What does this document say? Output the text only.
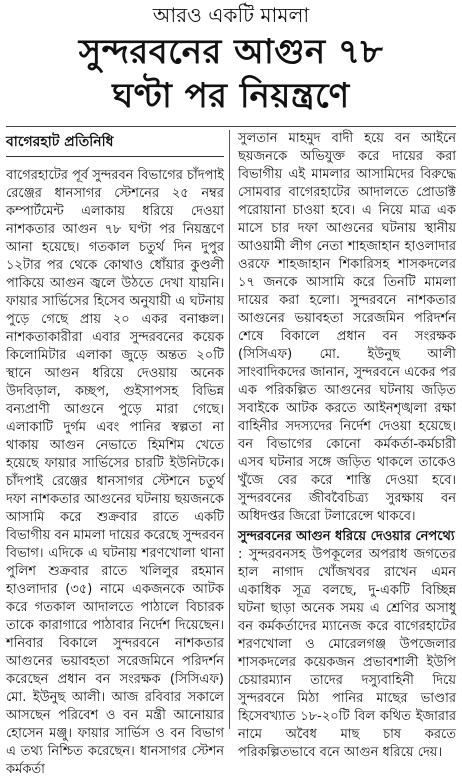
আরও একটি মামলা
সুন্দরবনের আগুন ৭৮
ঘণ্টা পর নিয়ন্ত্রণে
বাগেরহাট প্রতিনিধি

বাগেরহাটের পূর্ব সুন্দরবন বিভাগের চাঁদপাই রেঞ্জের ধানসাগর স্টেশনের ২৫ নম্বর কম্পার্টমেন্ট এলাকায় ধরিয়ে দেওয়া নাশকতার আগুন ৭৮ ঘণ্টা পর নিয়ন্ত্রণে আনা হয়েছে। গতকাল চতুর্থ দিন দুপুর ১২টার পর থেকে কোথাও ধোঁয়ার কুণ্ডলী পাকিয়ে আগুন জ্বলে উঠতে দেখা যায়নি। ফায়ার সার্ভিসের হিসেব অনুযায়ী এ ঘটনায় পুড়ে গেছে প্রায় ২০ একর বনাঞ্চল। নাশকতাকারীরা এবার সুন্দরবনের কয়েক কিলোমিটার এলাকা জুড়ে অন্তত ২০টি স্থানে আগুন ধরিয়ে দেওয়ায় অনেক উদবিড়াল, কচ্ছপ, গুইসাপসহ বিভিন্ন বন্যপ্রাণী আগুনে পুড়ে মারা গেছে। এলাকাটি দুর্গম এবং পানির স্বল্পতা না থাকায় আগুন নেভাতে হিমশিম খেতে হয়েছে ফায়ার সার্ভিসের চারটি ইউনিটকে। চাঁদপাই রেঞ্জের ধানসাগর স্টেশনে চতুর্থ দফা নাশকতার আগুনের ঘটনায় ছয়জনকে আসামি করে শুক্রবার রাতে একটি বিভাগীয় বন মামলা দায়ের করেছে সুন্দরবন বিভাগ। এদিকে এ ঘটনায় শরণখোলা থানা পুলিশ শুক্রবার রাতে খলিলুর রহমান হাওলাদার (৩৫) নামে একজনকে আটক করে গতকাল আদালতে পাঠালে বিচারক তাকে কারাগারে পাঠাবার নির্দেশ দিয়েছেন। শনিবার বিকালে সুন্দরবনে নাশকতার আগুনের ভয়াবহতা সরেজমিনে পরিদর্শন করেছেন প্রধান বন সংরক্ষক (সিসিএফ) মো. ইউনুছ আলী। আজ রবিবার সকালে আসছেন পরিবেশ ও বন মন্ত্রী আনোয়ার হোসেন মঞ্জু। ফায়ার সার্ভিস ও বন বিভাগ এ তথ্য নিশ্চিত করেছেন। ধানসাগর স্টেশন কর্মকর্তা

সুলতান মাহমুদ বাদী হয়ে বন আইনে ছয়জনকে অভিযুক্ত করে দায়ের করা বিভাগীয় এই মামলার আসামিদের বিরুদ্ধে সোমবার বাগেরহাটের আদালতে প্রোডাক্ট পরোয়ানা চাওয়া হবে। এ নিয়ে মাত্র এক মাসে চার দফা আগুনের ঘটনায় স্থানীয় আওয়ামী লীগ নেতা শাহজাহান হাওলাদার ওরফে শাহজাহান শিকারিসহ শাসকদলের ১৭ জনকে আসামি করে তিনটি মামলা দায়ের করা হলো। সুন্দরবনে নাশকতার আগুনের ভয়াবহতা সরেজমিন পরিদর্শন শেষে বিকালে প্রধান বন সংরক্ষক (সিসিএফ) মো. ইউনুছ আলী সাংবাদিকদের জানান, সুন্দরবনে একের পর এক পরিকল্পিত আগুনের ঘটনায় জড়িত সবাইকে আটক করতে আইনশৃঙ্খলা রক্ষা বাহিনীর সদস্যদের নির্দেশ দেওয়া হয়েছে। বন বিভাগের কোনো কর্মকর্তা-কর্মচারী এসব ঘটনার সঙ্গে জড়িত থাকলে তাকেও খুঁজে বের করে শাস্তি দেওয়া হবে। সুন্দরবনের জীববৈচিত্র্য সুরক্ষায় বন অধিদপ্তর জিরো টলারেন্সে থাকবে।

সুন্দরবনের আগুন ধরিয়ে দেওয়ার নেপথ্যে

: সুন্দরবনসহ উপকূলের অপরাধ জগতের হাল নাগাদ খোঁজখবর রাখেন এমন একাধিক সূত্র বলছে, দু-একটি বিচ্ছিন্ন ঘটনা ছাড়া অনেক সময় এ শ্রেণির অসাধু বন কর্মকর্তাদের ম্যানেজ করে বাগেরহাটের শরণখোলা ও মোরেলগঞ্জ উপজেলার শাসকদলের কয়েকজন প্রভাবশালী ইউপি চেয়ারম্যান তাদের দস্যুবাহিনী দিয়ে সুন্দরবনে মিঠা পানির মাছের ভাণ্ডার হিসেবখ্যাত ১৮-২০টি বিল কথিত ইজারার নামে অবৈধ মাছ চাষ করতে পরিকল্পিতভাবে বনে আগুন ধরিয়ে দেয়।
